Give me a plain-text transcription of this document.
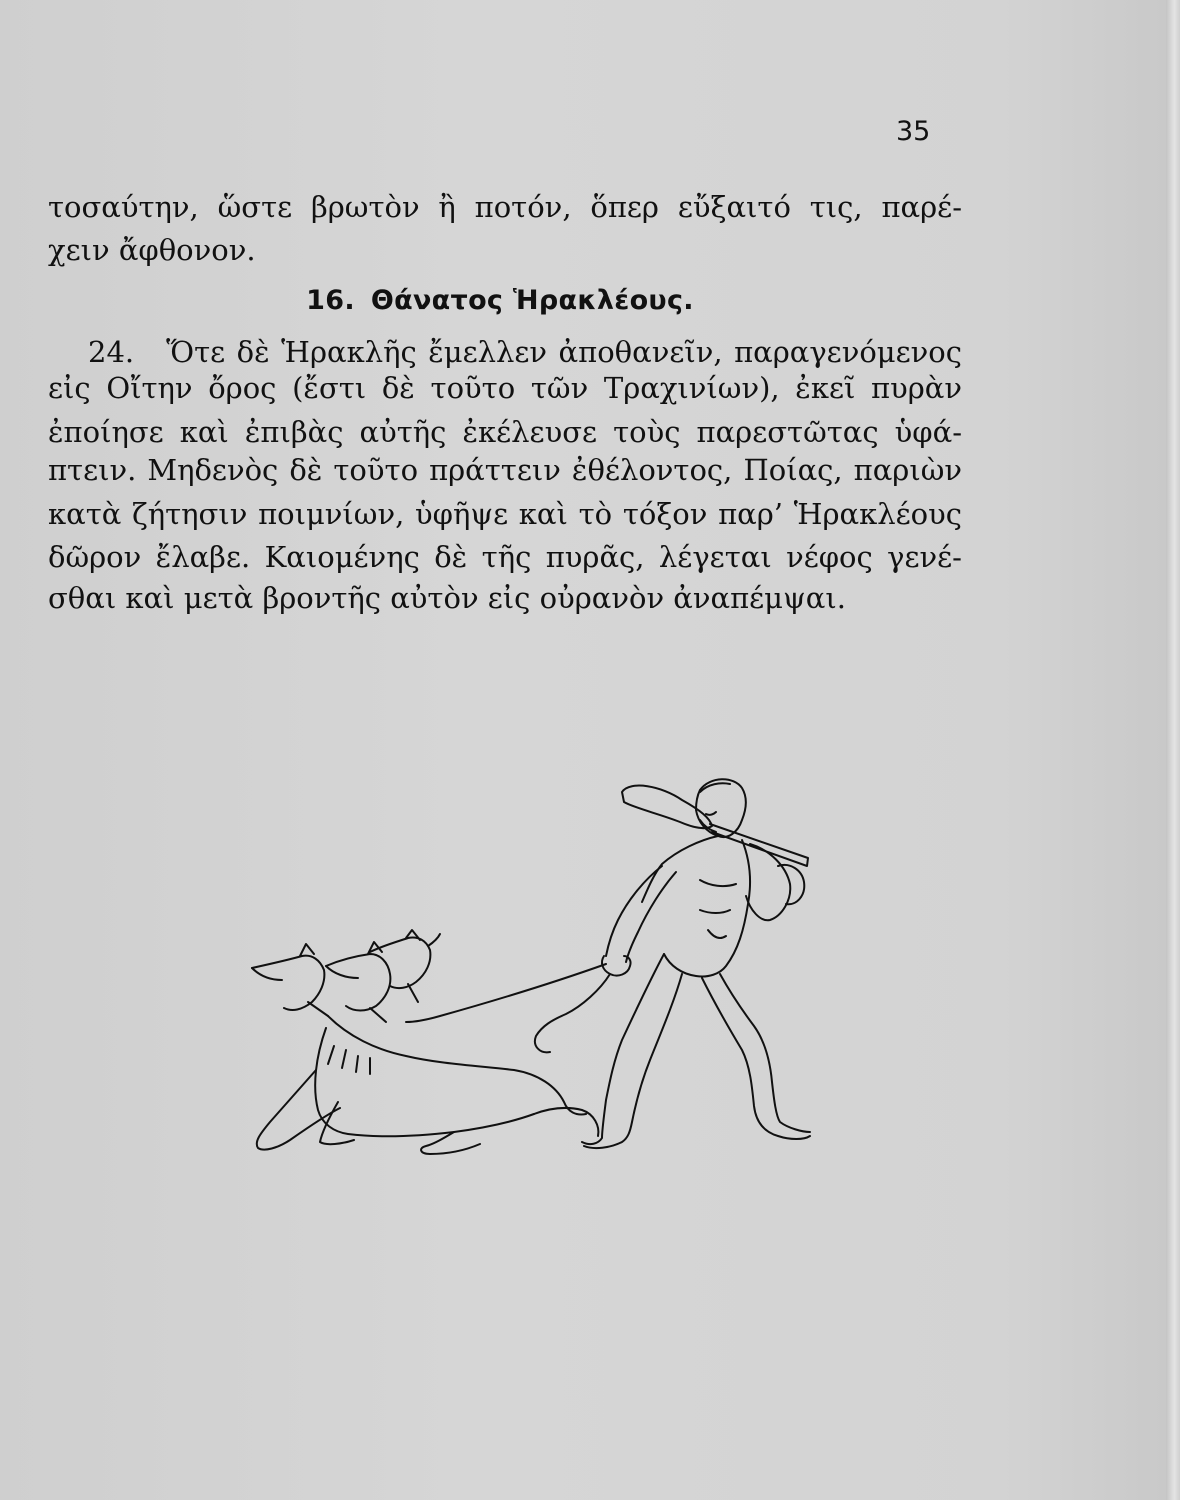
35
τοσαύτην, ὥστε βρωτὸν ἢ ποτόν, ὅπερ εὔξαιτό τις, παρέ-
χειν ἄφθονον.
16. Θάνατος Ἡρακλέους.
24. Ὅτε δὲ Ἡρακλῆς ἔμελλεν ἀποθανεῖν, παραγενόμενος
εἰς Οἴτην ὄρος (ἔστι δὲ τοῦτο τῶν Τραχινίων), ἐκεῖ πυρὰν
ἐποίησε καὶ ἐπιβὰς αὐτῆς ἐκέλευσε τοὺς παρεστῶτας ὑφά-
πτειν. Μηδενὸς δὲ τοῦτο πράττειν ἐθέλοντος, Ποίας, παριὼν
κατὰ ζήτησιν ποιμνίων, ὑφῆψε καὶ τὸ τόξον παρ’ Ἡρακλέους
δῶρον ἔλαβε. Καιομένης δὲ τῆς πυρᾶς, λέγεται νέφος γενέ-
σθαι καὶ μετὰ βροντῆς αὐτὸν εἰς οὐρανὸν ἀναπέμψαι.
